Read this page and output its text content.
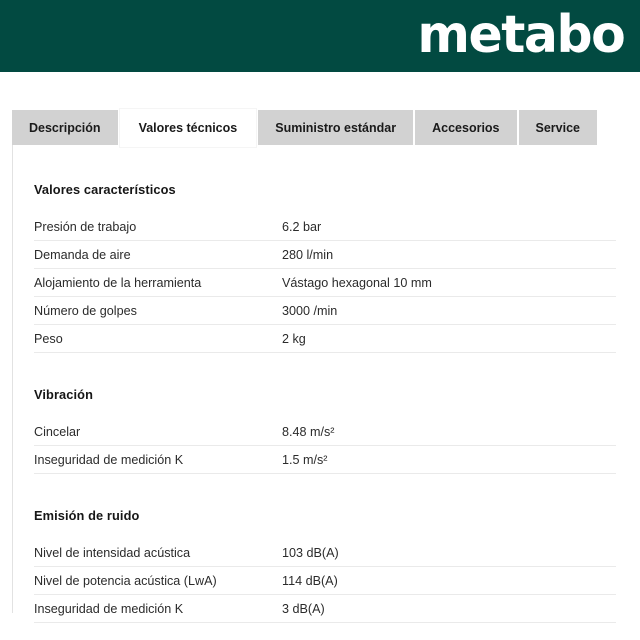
metabo
Descripción	Valores técnicos	Suministro estándar	Accesorios	Service
Valores característicos
Presión de trabajo	6.2 bar
Demanda de aire	280 l/min
Alojamiento de la herramienta	Vástago hexagonal 10 mm
Número de golpes	3000 /min
Peso	2 kg
Vibración
Cincelar	8.48 m/s²
Inseguridad de medición K	1.5 m/s²
Emisión de ruido
Nivel de intensidad acústica	103 dB(A)
Nivel de potencia acústica (LwA)	114 dB(A)
Inseguridad de medición K	3 dB(A)
